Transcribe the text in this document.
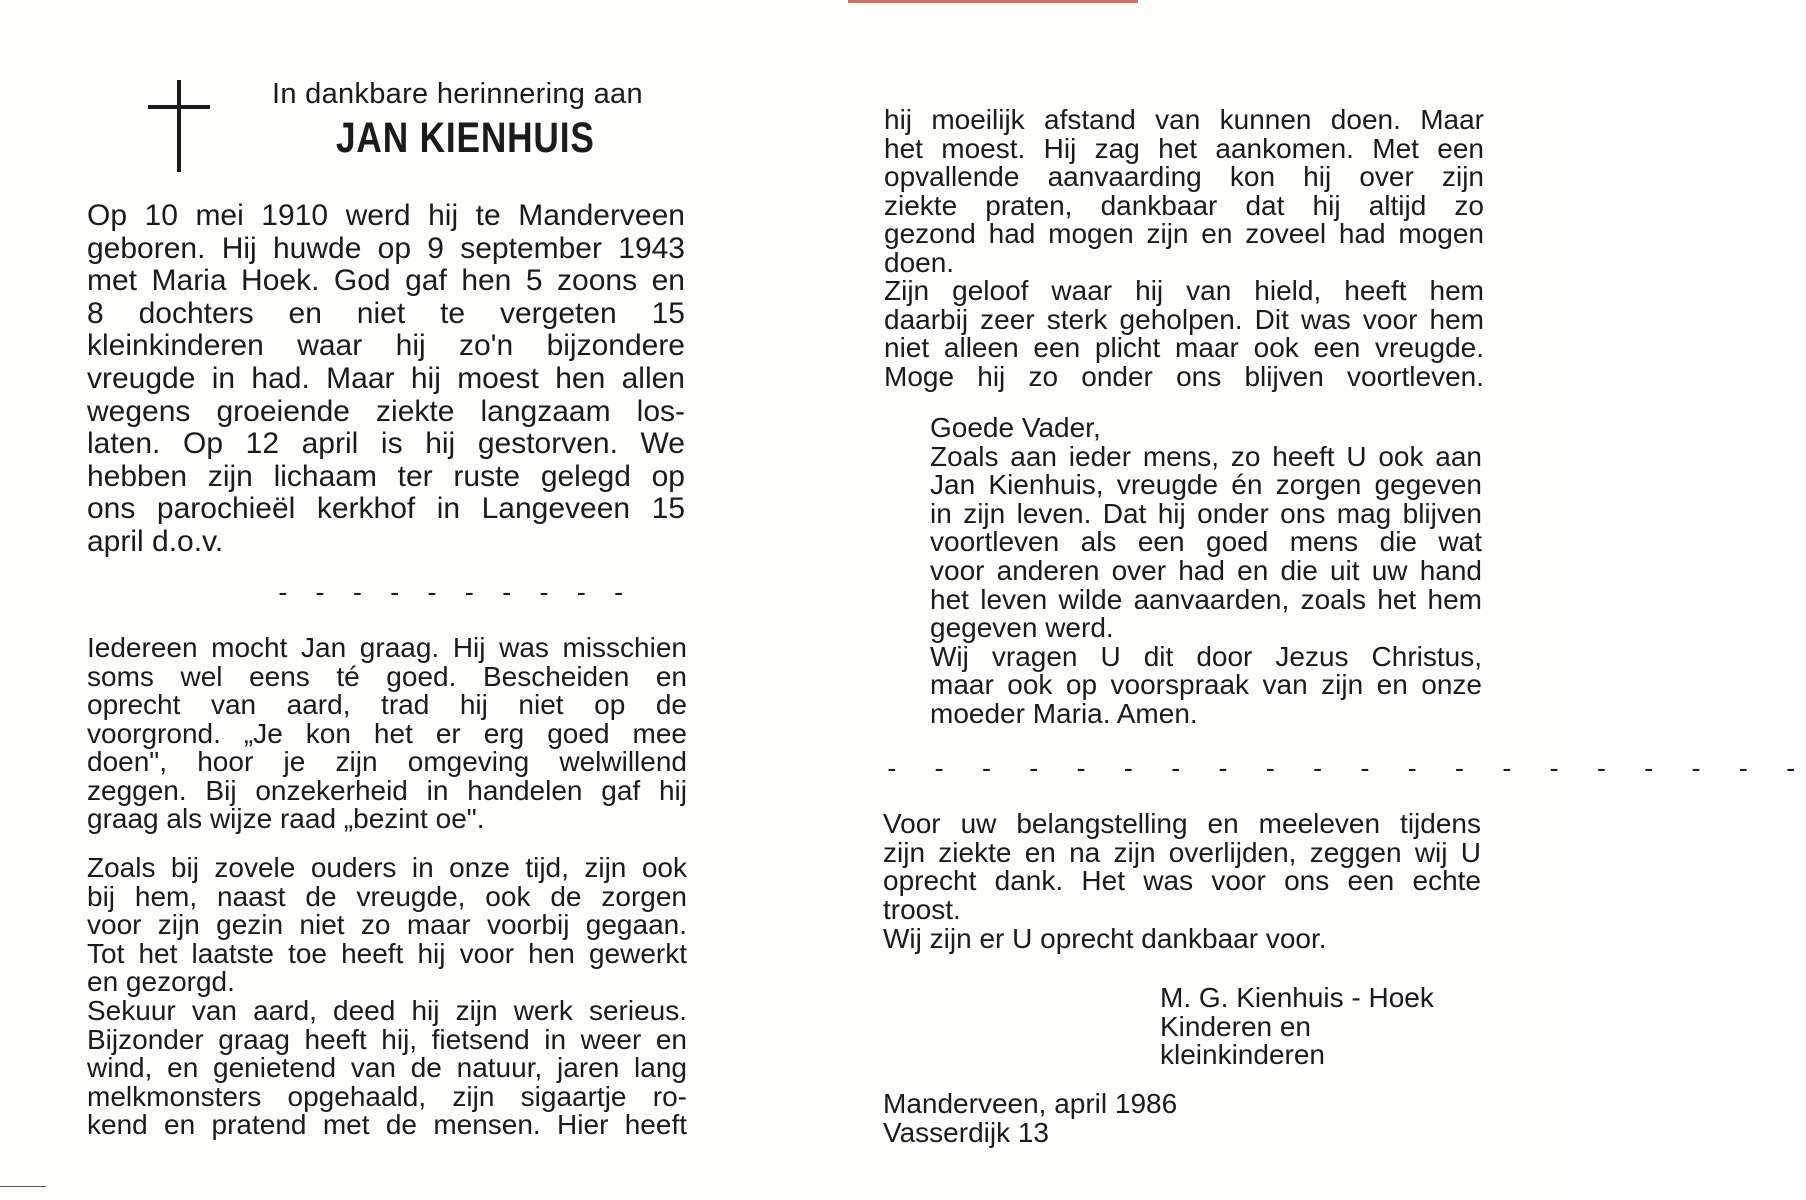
In dankbare herinnering aan
JAN KIENHUIS
Op 10 mei 1910 werd hij te Manderveen
geboren. Hij huwde op 9 september 1943
met Maria Hoek. God gaf hen 5 zoons en
8 dochters en niet te vergeten 15
kleinkinderen waar hij zo'n bijzondere
vreugde in had. Maar hij moest hen allen
wegens groeiende ziekte langzaam los-
laten. Op 12 april is hij gestorven. We
hebben zijn lichaam ter ruste gelegd op
ons parochieël kerkhof in Langeveen 15
april d.o.v.
- - - - - - - - - -
Iedereen mocht Jan graag. Hij was misschien
soms wel eens té goed. Bescheiden en
oprecht van aard, trad hij niet op de
voorgrond. „Je kon het er erg goed mee
doen", hoor je zijn omgeving welwillend
zeggen. Bij onzekerheid in handelen gaf hij
graag als wijze raad „bezint oe".
Zoals bij zovele ouders in onze tijd, zijn ook
bij hem, naast de vreugde, ook de zorgen
voor zijn gezin niet zo maar voorbij gegaan.
Tot het laatste toe heeft hij voor hen gewerkt
en gezorgd.
Sekuur van aard, deed hij zijn werk serieus.
Bijzonder graag heeft hij, fietsend in weer en
wind, en genietend van de natuur, jaren lang
melkmonsters opgehaald, zijn sigaartje ro-
kend en pratend met de mensen. Hier heeft
hij moeilijk afstand van kunnen doen. Maar
het moest. Hij zag het aankomen. Met een
opvallende aanvaarding kon hij over zijn
ziekte praten, dankbaar dat hij altijd zo
gezond had mogen zijn en zoveel had mogen
doen.
Zijn geloof waar hij van hield, heeft hem
daarbij zeer sterk geholpen. Dit was voor hem
niet alleen een plicht maar ook een vreugde.
Moge hij zo onder ons blijven voortleven.
Goede Vader,
Zoals aan ieder mens, zo heeft U ook aan
Jan Kienhuis, vreugde én zorgen gegeven
in zijn leven. Dat hij onder ons mag blijven
voortleven als een goed mens die wat
voor anderen over had en die uit uw hand
het leven wilde aanvaarden, zoals het hem
gegeven werd.
Wij vragen U dit door Jezus Christus,
maar ook op voorspraak van zijn en onze
moeder Maria. Amen.
- - - - - - - - - - - - - - - - - - - -
Voor uw belangstelling en meeleven tijdens
zijn ziekte en na zijn overlijden, zeggen wij U
oprecht dank. Het was voor ons een echte
troost.
Wij zijn er U oprecht dankbaar voor.
M. G. Kienhuis - Hoek
Kinderen en
kleinkinderen
Manderveen, april 1986
Vasserdijk 13
